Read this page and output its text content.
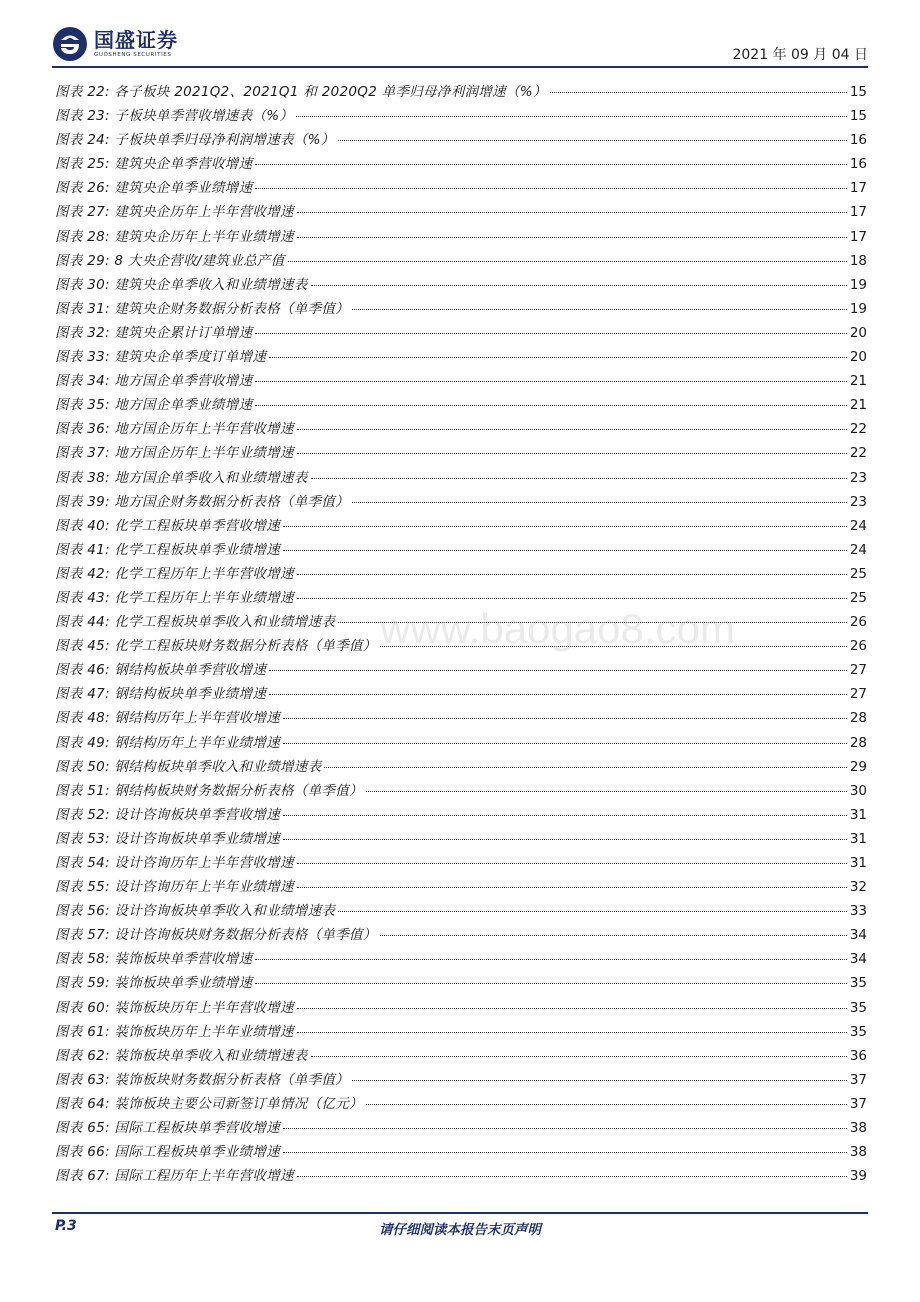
国盛证券
GUOSHENG SECURITIES	2021 年 09 月 04 日
图表 22: 各子板块 2021Q2、2021Q1 和 2020Q2 单季归母净利润增速（%）	15
图表 23: 子板块单季营收增速表（%）	15
图表 24: 子板块单季归母净利润增速表（%）	16
图表 25: 建筑央企单季营收增速	16
图表 26: 建筑央企单季业绩增速	17
图表 27: 建筑央企历年上半年营收增速	17
图表 28: 建筑央企历年上半年业绩增速	17
图表 29: 8 大央企营收/建筑业总产值	18
图表 30: 建筑央企单季收入和业绩增速表	19
图表 31: 建筑央企财务数据分析表格（单季值）	19
图表 32: 建筑央企累计订单增速	20
图表 33: 建筑央企单季度订单增速	20
图表 34: 地方国企单季营收增速	21
图表 35: 地方国企单季业绩增速	21
图表 36: 地方国企历年上半年营收增速	22
图表 37: 地方国企历年上半年业绩增速	22
图表 38: 地方国企单季收入和业绩增速表	23
图表 39: 地方国企财务数据分析表格（单季值）	23
图表 40: 化学工程板块单季营收增速	24
图表 41: 化学工程板块单季业绩增速	24
图表 42: 化学工程历年上半年营收增速	25
图表 43: 化学工程历年上半年业绩增速	25
图表 44: 化学工程板块单季收入和业绩增速表	26
图表 45: 化学工程板块财务数据分析表格（单季值）	26
图表 46: 钢结构板块单季营收增速	27
图表 47: 钢结构板块单季业绩增速	27
图表 48: 钢结构历年上半年营收增速	28
图表 49: 钢结构历年上半年业绩增速	28
图表 50: 钢结构板块单季收入和业绩增速表	29
图表 51: 钢结构板块财务数据分析表格（单季值）	30
图表 52: 设计咨询板块单季营收增速	31
图表 53: 设计咨询板块单季业绩增速	31
图表 54: 设计咨询历年上半年营收增速	31
图表 55: 设计咨询历年上半年业绩增速	32
图表 56: 设计咨询板块单季收入和业绩增速表	33
图表 57: 设计咨询板块财务数据分析表格（单季值）	34
图表 58: 装饰板块单季营收增速	34
图表 59: 装饰板块单季业绩增速	35
图表 60: 装饰板块历年上半年营收增速	35
图表 61: 装饰板块历年上半年业绩增速	35
图表 62: 装饰板块单季收入和业绩增速表	36
图表 63: 装饰板块财务数据分析表格（单季值）	37
图表 64: 装饰板块主要公司新签订单情况（亿元）	37
图表 65: 国际工程板块单季营收增速	38
图表 66: 国际工程板块单季业绩增速	38
图表 67: 国际工程历年上半年营收增速	39
www.baogao8.com
P.3	请仔细阅读本报告末页声明
